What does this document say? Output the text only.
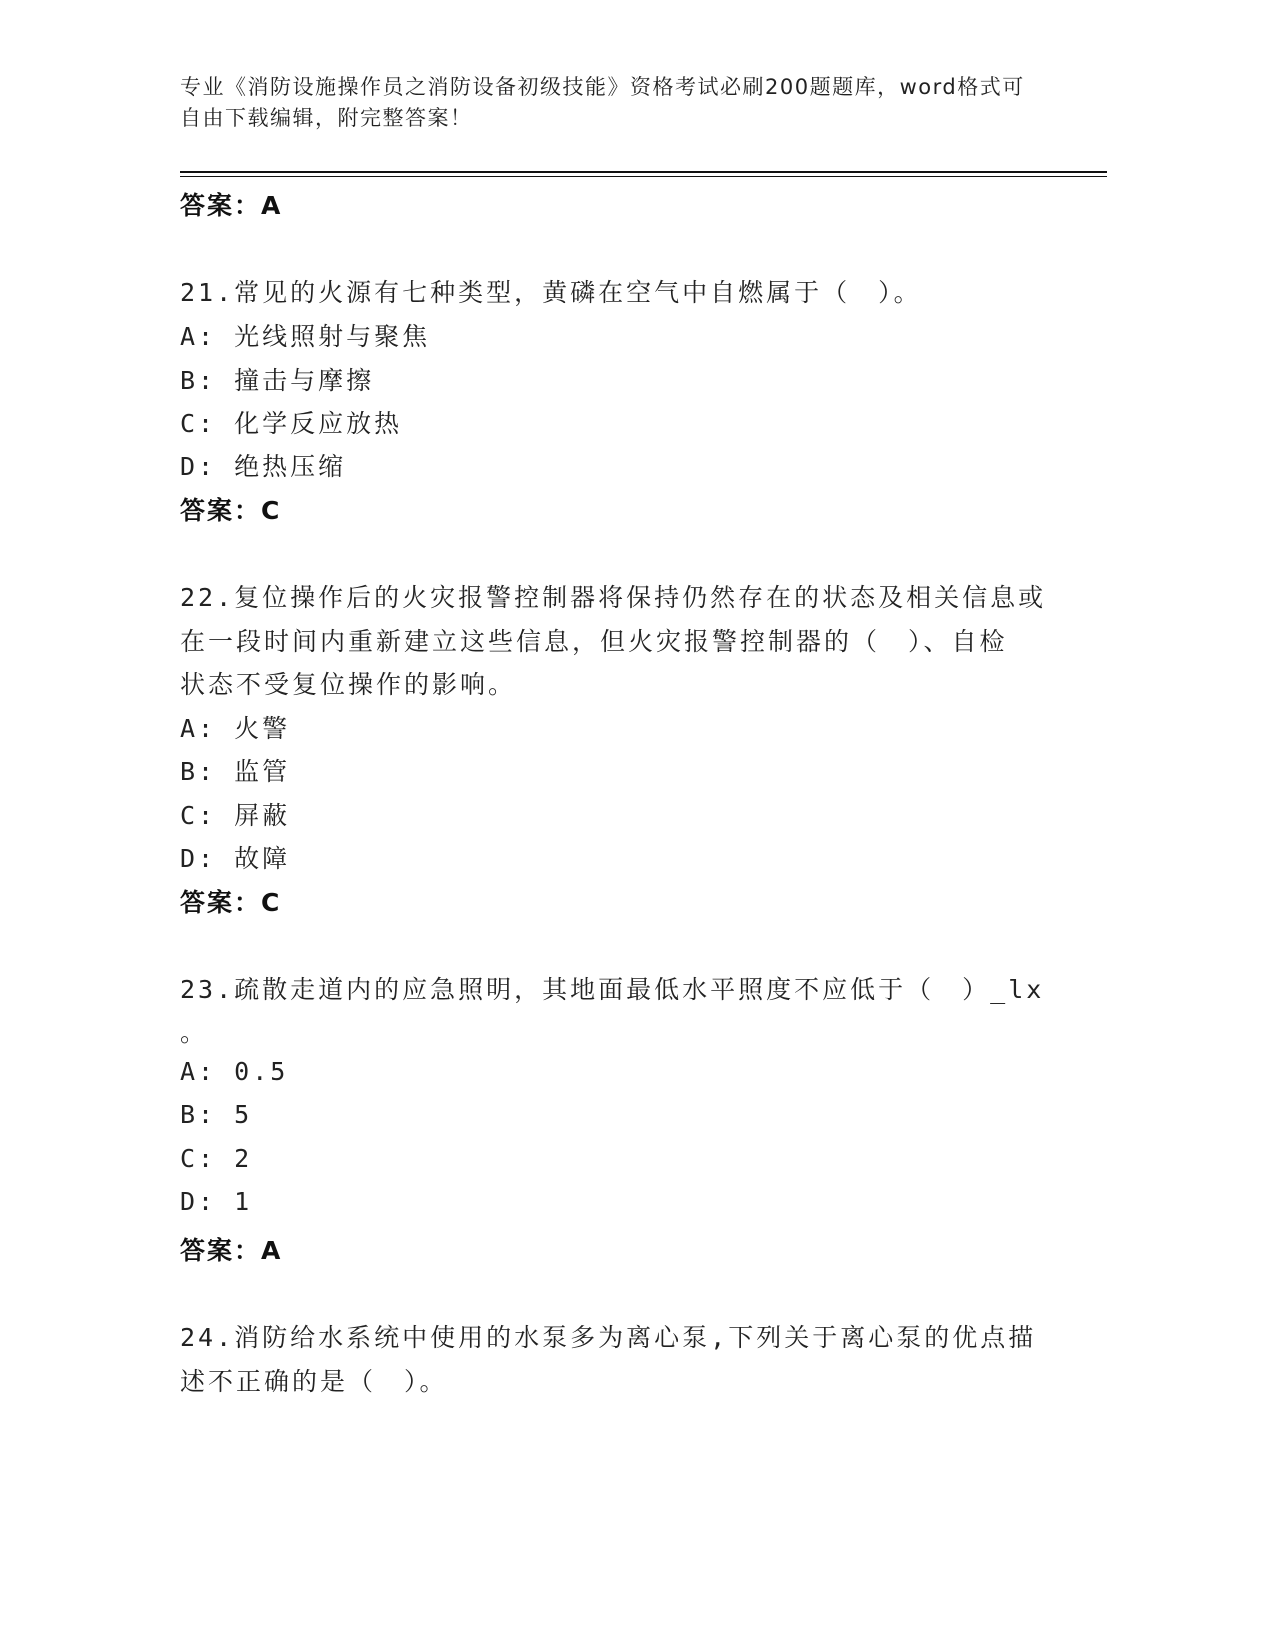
专业《消防设施操作员之消防设备初级技能》资格考试必刷200题题库，word格式可自由下载编辑，附完整答案！
答案：A
21.常见的火源有七种类型，黄磷在空气中自燃属于（　）。
A: 光线照射与聚焦
B: 撞击与摩擦
C: 化学反应放热
D: 绝热压缩
答案：C
22.复位操作后的火灾报警控制器将保持仍然存在的状态及相关信息或
在一段时间内重新建立这些信息，但火灾报警控制器的（　）、自检
状态不受复位操作的影响。
A: 火警
B: 监管
C: 屏蔽
D: 故障
答案：C
23.疏散走道内的应急照明，其地面最低水平照度不应低于（　）_lx
。
A: 0.5
B: 5
C: 2
D: 1
答案：A
24.消防给水系统中使用的水泵多为离心泵,下列关于离心泵的优点描
述不正确的是（　）。
